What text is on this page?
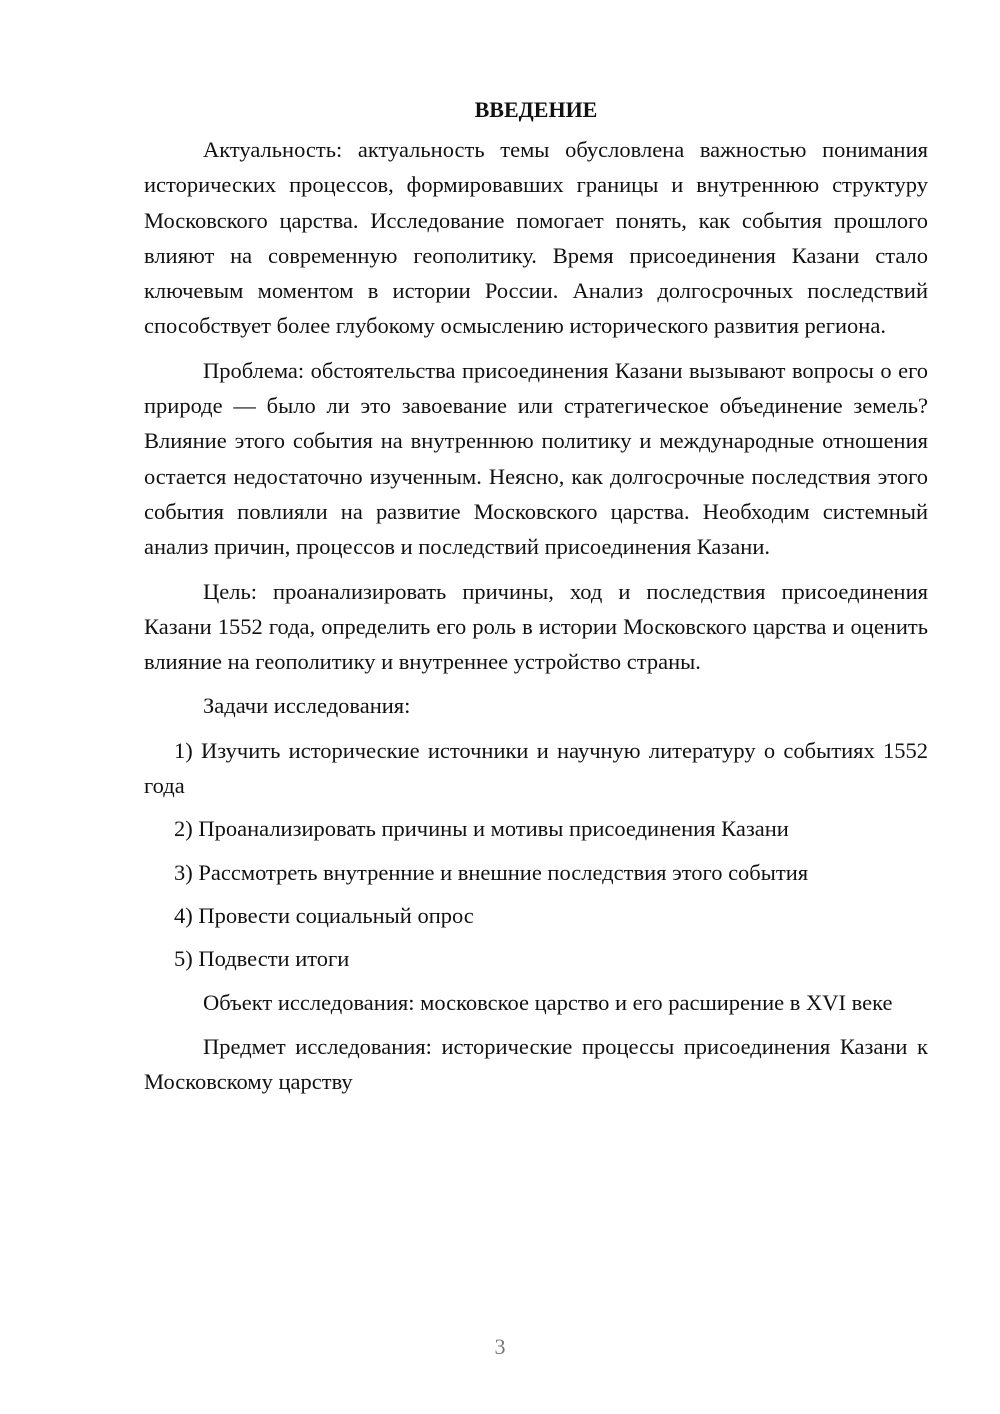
ВВЕДЕНИЕ

Актуальность: актуальность темы обусловлена важностью понимания исторических процессов, формировавших границы и внутреннюю структуру Московского царства. Исследование помогает понять, как события прошлого влияют на современную геополитику. Время присоединения Казани стало ключевым моментом в истории России. Анализ долгосрочных последствий способствует более глубокому осмыслению исторического развития региона.

Проблема: обстоятельства присоединения Казани вызывают вопросы о его природе — было ли это завоевание или стратегическое объединение земель? Влияние этого события на внутреннюю политику и международные отношения остается недостаточно изученным. Неясно, как долгосрочные последствия этого события повлияли на развитие Московского царства. Необходим системный анализ причин, процессов и последствий присоединения Казани.

Цель: проанализировать причины, ход и последствия присоединения Казани 1552 года, определить его роль в истории Московского царства и оценить влияние на геополитику и внутреннее устройство страны.

Задачи исследования:

1) Изучить исторические источники и научную литературу о событиях 1552 года

2) Проанализировать причины и мотивы присоединения Казани

3) Рассмотреть внутренние и внешние последствия этого события

4) Провести социальный опрос

5) Подвести итоги

Объект исследования: московское царство и его расширение в XVI веке

Предмет исследования: исторические процессы присоединения Казани к Московскому царству

3
